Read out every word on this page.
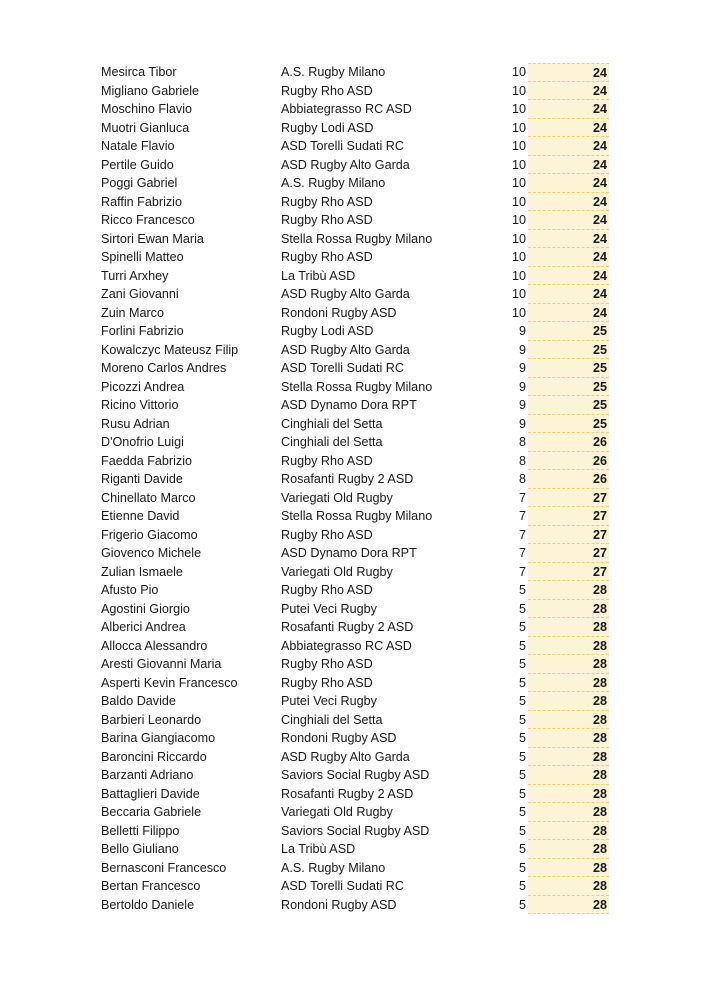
Mesirca Tibor	A.S. Rugby Milano	10	24
Migliano Gabriele	Rugby Rho ASD	10	24
Moschino Flavio	Abbiategrasso RC ASD	10	24
Muotri Gianluca	Rugby Lodi ASD	10	24
Natale Flavio	ASD Torelli Sudati RC	10	24
Pertile Guido	ASD Rugby Alto Garda	10	24
Poggi Gabriel	A.S. Rugby Milano	10	24
Raffin Fabrizio	Rugby Rho ASD	10	24
Ricco Francesco	Rugby Rho ASD	10	24
Sirtori Ewan Maria	Stella Rossa Rugby Milano	10	24
Spinelli Matteo	Rugby Rho ASD	10	24
Turri Arxhey	La Tribù ASD	10	24
Zani Giovanni	ASD Rugby Alto Garda	10	24
Zuin Marco	Rondoni Rugby ASD	10	24
Forlini Fabrizio	Rugby Lodi ASD	9	25
Kowalczyc Mateusz Filip	ASD Rugby Alto Garda	9	25
Moreno Carlos Andres	ASD Torelli Sudati RC	9	25
Picozzi Andrea	Stella Rossa Rugby Milano	9	25
Ricino Vittorio	ASD Dynamo Dora RPT	9	25
Rusu Adrian	Cinghiali del Setta	9	25
D'Onofrio Luigi	Cinghiali del Setta	8	26
Faedda Fabrizio	Rugby Rho ASD	8	26
Riganti Davide	Rosafanti Rugby 2 ASD	8	26
Chinellato Marco	Variegati Old Rugby	7	27
Etienne David	Stella Rossa Rugby Milano	7	27
Frigerio Giacomo	Rugby Rho ASD	7	27
Giovenco Michele	ASD Dynamo Dora RPT	7	27
Zulian Ismaele	Variegati Old Rugby	7	27
Afusto Pio	Rugby Rho ASD	5	28
Agostini Giorgio	Putei Veci Rugby	5	28
Alberici Andrea	Rosafanti Rugby 2 ASD	5	28
Allocca Alessandro	Abbiategrasso RC ASD	5	28
Aresti Giovanni Maria	Rugby Rho ASD	5	28
Asperti Kevin Francesco	Rugby Rho ASD	5	28
Baldo Davide	Putei Veci Rugby	5	28
Barbieri Leonardo	Cinghiali del Setta	5	28
Barina Giangiacomo	Rondoni Rugby ASD	5	28
Baroncini Riccardo	ASD Rugby Alto Garda	5	28
Barzanti Adriano	Saviors Social Rugby ASD	5	28
Battaglieri Davide	Rosafanti Rugby 2 ASD	5	28
Beccaria Gabriele	Variegati Old Rugby	5	28
Belletti Filippo	Saviors Social Rugby ASD	5	28
Bello Giuliano	La Tribù ASD	5	28
Bernasconi Francesco	A.S. Rugby Milano	5	28
Bertan Francesco	ASD Torelli Sudati RC	5	28
Bertoldo Daniele	Rondoni Rugby ASD	5	28
